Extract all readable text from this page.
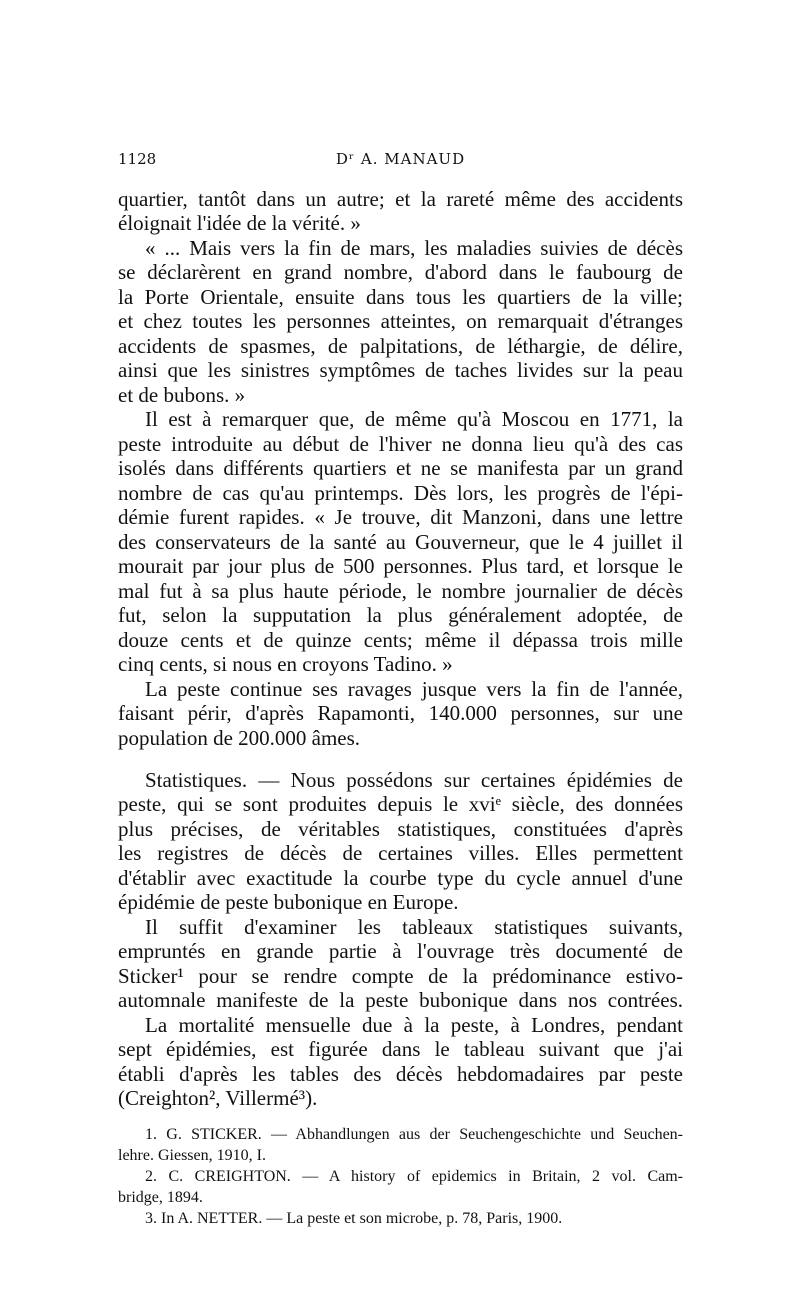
1128	Dʳ A. MANAUD
quartier, tantôt dans un autre; et la rareté même des accidents
éloignait l'idée de la vérité. »
« ... Mais vers la fin de mars, les maladies suivies de décès
se déclarèrent en grand nombre, d'abord dans le faubourg de
la Porte Orientale, ensuite dans tous les quartiers de la ville;
et chez toutes les personnes atteintes, on remarquait d'étranges
accidents de spasmes, de palpitations, de léthargie, de délire,
ainsi que les sinistres symptômes de taches livides sur la peau
et de bubons. »
Il est à remarquer que, de même qu'à Moscou en 1771, la
peste introduite au début de l'hiver ne donna lieu qu'à des cas
isolés dans différents quartiers et ne se manifesta par un grand
nombre de cas qu'au printemps. Dès lors, les progrès de l'épi-
démie furent rapides. « Je trouve, dit Manzoni, dans une lettre
des conservateurs de la santé au Gouverneur, que le 4 juillet il
mourait par jour plus de 500 personnes. Plus tard, et lorsque le
mal fut à sa plus haute période, le nombre journalier de décès
fut, selon la supputation la plus généralement adoptée, de
douze cents et de quinze cents; même il dépassa trois mille
cinq cents, si nous en croyons Tadino. »
La peste continue ses ravages jusque vers la fin de l'année,
faisant périr, d'après Rapamonti, 140.000 personnes, sur une
population de 200.000 âmes.
Statistiques. — Nous possédons sur certaines épidémies de
peste, qui se sont produites depuis le xviᵉ siècle, des données
plus précises, de véritables statistiques, constituées d'après
les registres de décès de certaines villes. Elles permettent
d'établir avec exactitude la courbe type du cycle annuel d'une
épidémie de peste bubonique en Europe.
Il suffit d'examiner les tableaux statistiques suivants,
empruntés en grande partie à l'ouvrage très documenté de
Sticker¹ pour se rendre compte de la prédominance estivo-
automnale manifeste de la peste bubonique dans nos contrées.
La mortalité mensuelle due à la peste, à Londres, pendant
sept épidémies, est figurée dans le tableau suivant que j'ai
établi d'après les tables des décès hebdomadaires par peste
(Creighton², Villermé³).
1. G. STICKER. — Abhandlungen aus der Seuchengeschichte und Seuchen-
lehre. Giessen, 1910, I.
2. C. CREIGHTON. — A history of epidemics in Britain, 2 vol. Cam-
bridge, 1894.
3. In A. NETTER. — La peste et son microbe, p. 78, Paris, 1900.
